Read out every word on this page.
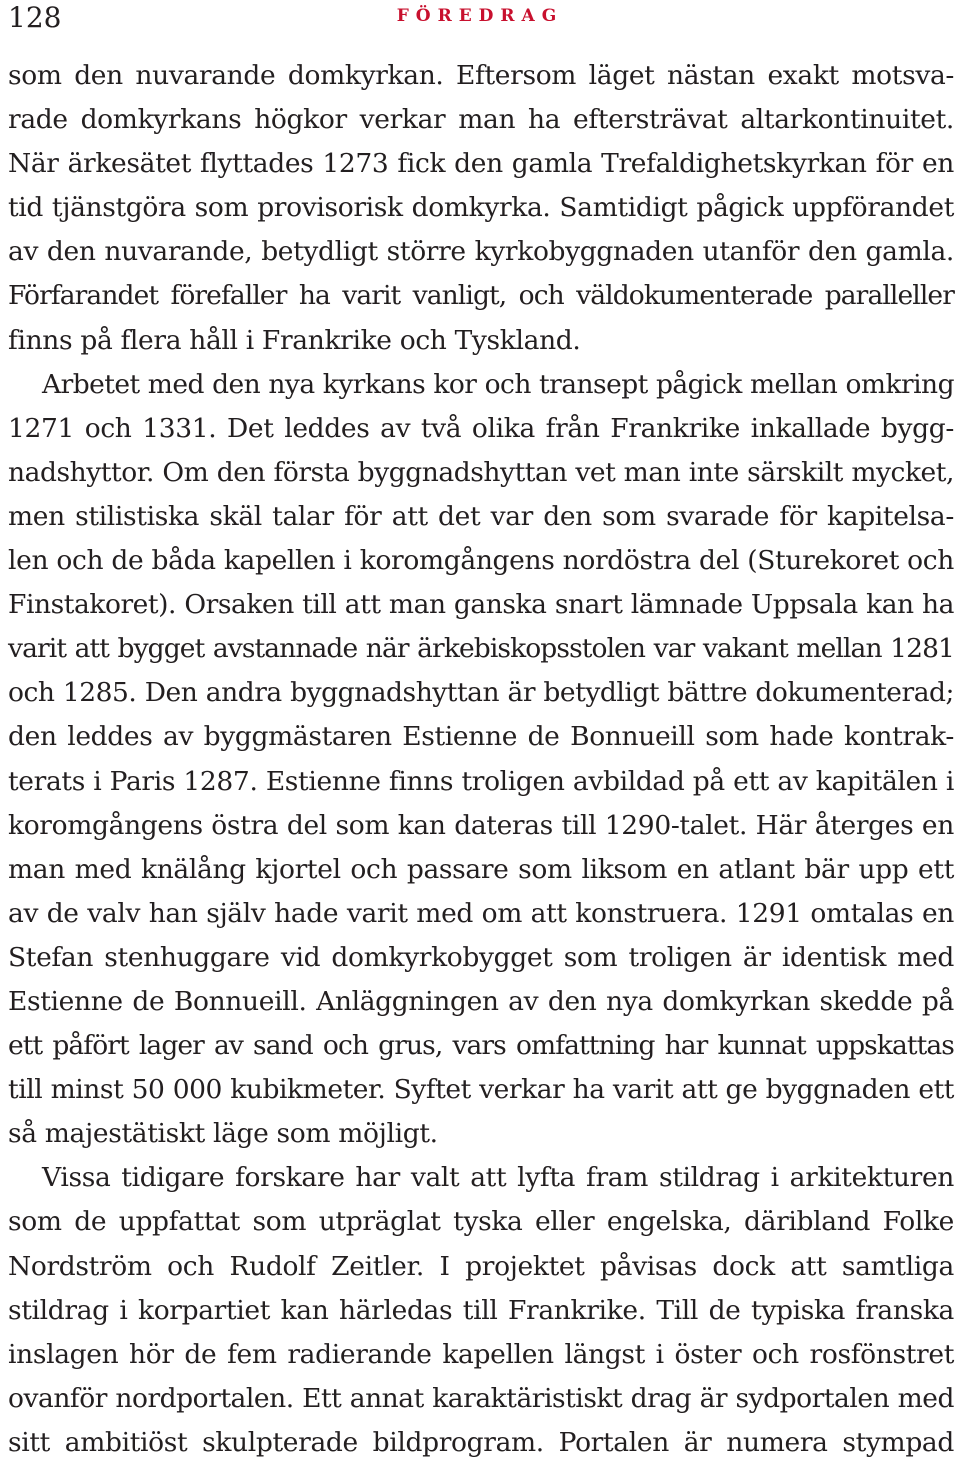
128	FÖREDRAG

som den nuvarande domkyrkan. Eftersom läget nästan exakt motsva-
rade domkyrkans högkor verkar man ha eftersträvat altarkontinuitet.
När ärkesätet flyttades 1273 fick den gamla Trefaldighetskyrkan för en
tid tjänstgöra som provisorisk domkyrka. Samtidigt pågick uppförandet
av den nuvarande, betydligt större kyrkobyggnaden utanför den gamla.
Förfarandet förefaller ha varit vanligt, och väldokumenterade paralleller
finns på flera håll i Frankrike och Tyskland.

Arbetet med den nya kyrkans kor och transept pågick mellan omkring
1271 och 1331. Det leddes av två olika från Frankrike inkallade bygg-
nadshyttor. Om den första byggnadshyttan vet man inte särskilt mycket,
men stilistiska skäl talar för att det var den som svarade för kapitelsa-
len och de båda kapellen i koromgångens nordöstra del (Sturekoret och
Finstakoret). Orsaken till att man ganska snart lämnade Uppsala kan ha
varit att bygget avstannade när ärkebiskopsstolen var vakant mellan 1281
och 1285. Den andra byggnadshyttan är betydligt bättre dokumenterad;
den leddes av byggmästaren Estienne de Bonnueill som hade kontrak-
terats i Paris 1287. Estienne finns troligen avbildad på ett av kapitälen i
koromgångens östra del som kan dateras till 1290-talet. Här återges en
man med knälång kjortel och passare som liksom en atlant bär upp ett
av de valv han själv hade varit med om att konstruera. 1291 omtalas en
Stefan stenhuggare vid domkyrkobygget som troligen är identisk med
Estienne de Bonnueill. Anläggningen av den nya domkyrkan skedde på
ett påfört lager av sand och grus, vars omfattning har kunnat uppskattas
till minst 50 000 kubikmeter. Syftet verkar ha varit att ge byggnaden ett
så majestätiskt läge som möjligt.

Vissa tidigare forskare har valt att lyfta fram stildrag i arkitekturen
som de uppfattat som utpräglat tyska eller engelska, däribland Folke
Nordström och Rudolf Zeitler. I projektet påvisas dock att samtliga
stildrag i korpartiet kan härledas till Frankrike. Till de typiska franska
inslagen hör de fem radierande kapellen längst i öster och rosfönstret
ovanför nordportalen. Ett annat karaktäristiskt drag är sydportalen med
sitt ambitiöst skulpterade bildprogram. Portalen är numera stympad
